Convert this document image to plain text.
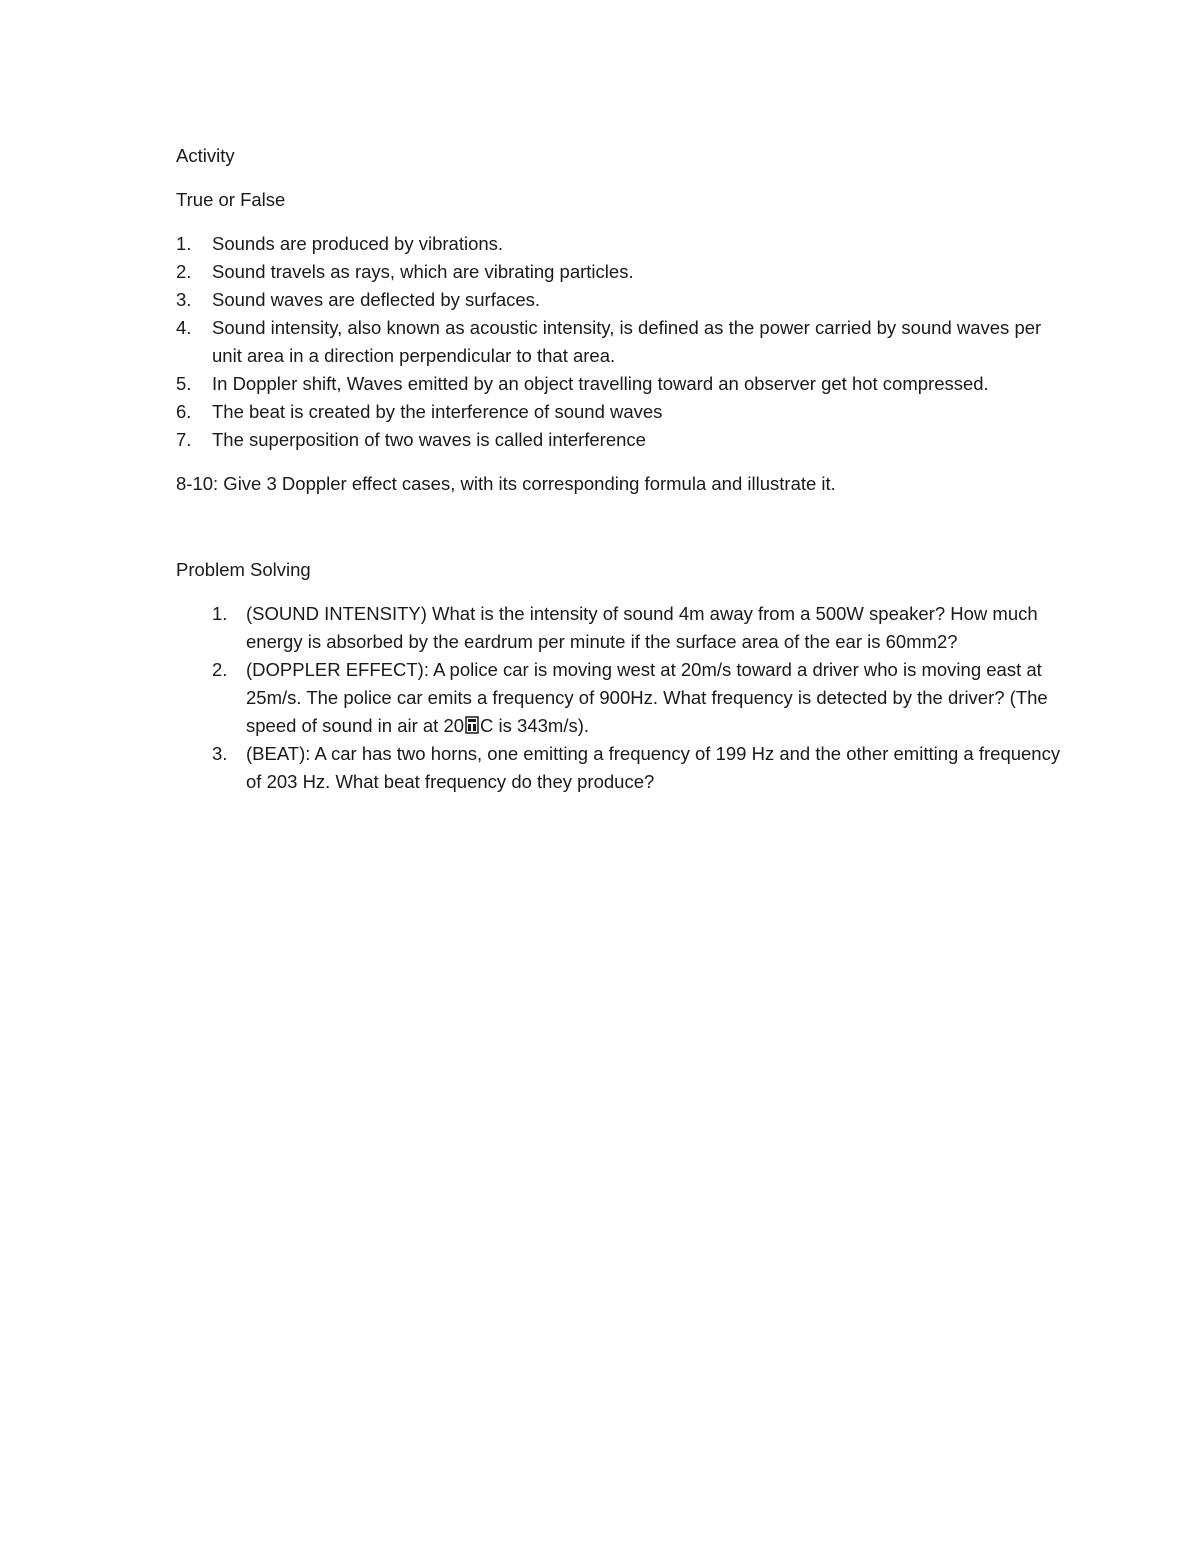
Activity

True or False

1.	Sounds are produced by vibrations.
2.	Sound travels as rays, which are vibrating particles.
3.	Sound waves are deflected by surfaces.
4.	Sound intensity, also known as acoustic intensity, is defined as the power carried by sound waves per unit area in a direction perpendicular to that area.
5.	In Doppler shift, Waves emitted by an object travelling toward an observer get hot compressed.
6.	The beat is created by the interference of sound waves
7.	The superposition of two waves is called interference

8-10: Give 3 Doppler effect cases, with its corresponding formula and illustrate it.

Problem Solving

1.	(SOUND INTENSITY) What is the intensity of sound 4m away from a 500W speaker? How much energy is absorbed by the eardrum per minute if the surface area of the ear is 60mm2?
2.	(DOPPLER EFFECT): A police car is moving west at 20m/s toward a driver who is moving east at 25m/s. The police car emits a frequency of 900Hz. What frequency is detected by the driver? (The speed of sound in air at 20 C is 343m/s).
3.	(BEAT): A car has two horns, one emitting a frequency of 199 Hz and the other emitting a frequency of 203 Hz. What beat frequency do they produce?
